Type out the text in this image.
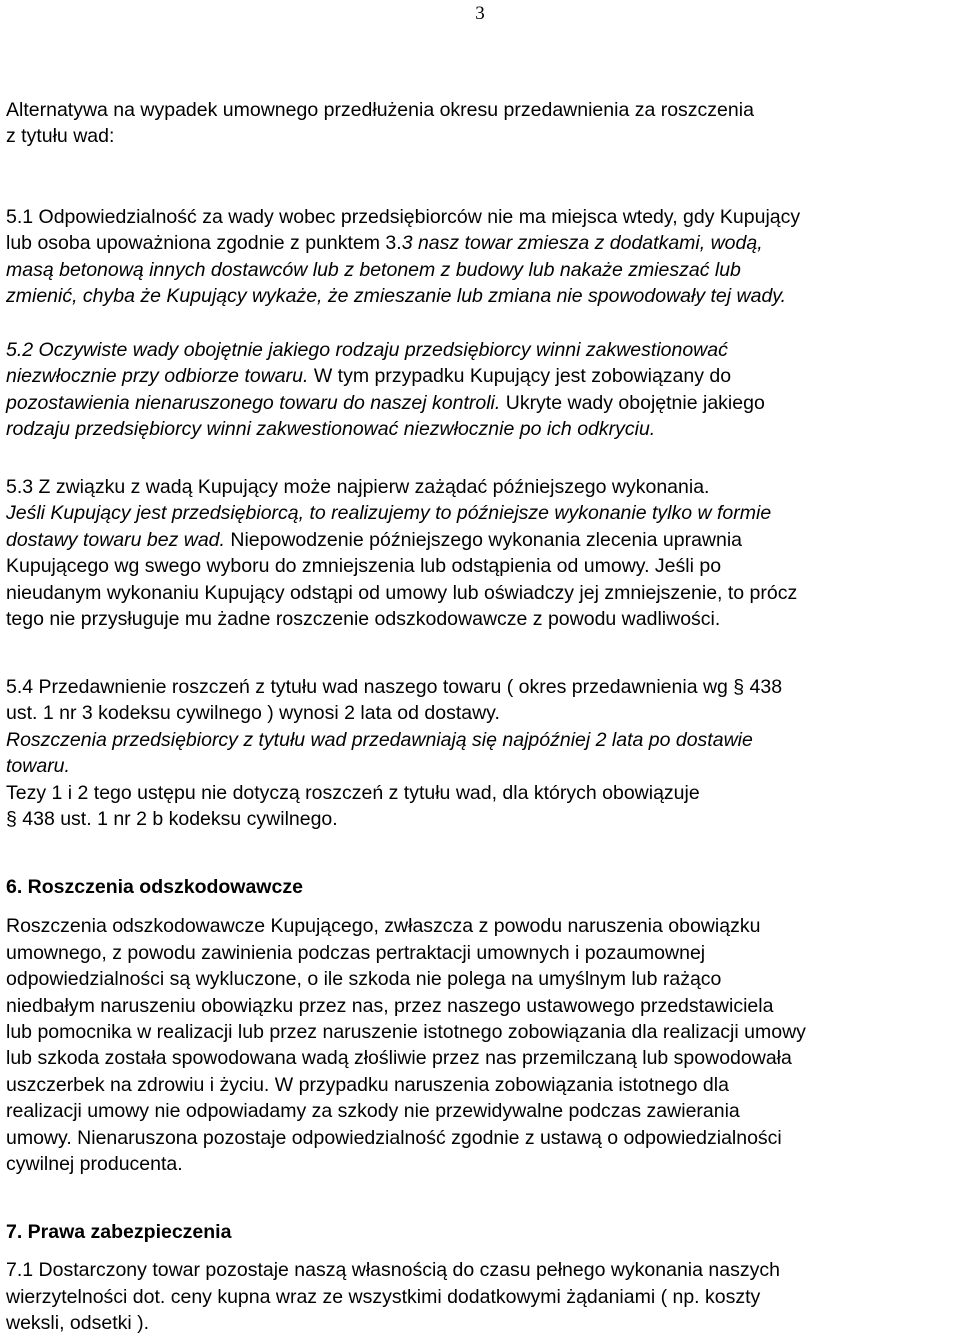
3
Alternatywa na wypadek umownego przedłużenia okresu przedawnienia za roszczenia
z tytułu wad:
5.1 Odpowiedzialność za wady wobec przedsiębiorców nie ma miejsca wtedy, gdy Kupujący
lub osoba upoważniona zgodnie z punktem 3.3 nasz towar zmiesza z dodatkami, wodą,
masą betonową innych dostawców lub z betonem z budowy lub nakaże zmieszać lub
zmienić, chyba że Kupujący wykaże, że zmieszanie lub zmiana nie spowodowały tej wady.
5.2 Oczywiste wady obojętnie jakiego rodzaju przedsiębiorcy winni zakwestionować
niezwłocznie przy odbiorze towaru. W tym przypadku Kupujący jest zobowiązany do
pozostawienia nienaruszonego towaru do naszej kontroli. Ukryte wady obojętnie jakiego
rodzaju przedsiębiorcy winni zakwestionować niezwłocznie po ich odkryciu.
5.3 Z związku z wadą Kupujący może najpierw zażądać późniejszego wykonania.
Jeśli Kupujący jest przedsiębiorcą, to realizujemy to późniejsze wykonanie tylko w formie
dostawy towaru bez wad. Niepowodzenie późniejszego wykonania zlecenia uprawnia
Kupującego wg swego wyboru do zmniejszenia lub odstąpienia od umowy. Jeśli po
nieudanym wykonaniu Kupujący odstąpi od umowy lub oświadczy jej zmniejszenie, to prócz
tego nie przysługuje mu żadne roszczenie odszkodowawcze z powodu wadliwości.
5.4 Przedawnienie roszczeń z tytułu wad naszego towaru ( okres przedawnienia wg § 438
ust. 1 nr 3 kodeksu cywilnego ) wynosi 2 lata od dostawy.
Roszczenia przedsiębiorcy z tytułu wad przedawniają się najpóźniej 2 lata po dostawie
towaru.
Tezy 1 i 2 tego ustępu nie dotyczą roszczeń z tytułu wad, dla których obowiązuje
§ 438 ust. 1 nr 2 b kodeksu cywilnego.
6. Roszczenia odszkodowawcze
Roszczenia odszkodowawcze Kupującego, zwłaszcza z powodu naruszenia obowiązku
umownego, z powodu zawinienia podczas pertraktacji umownych i pozaumownej
odpowiedzialności są wykluczone, o ile szkoda nie polega na umyślnym lub rażąco
niedbałym naruszeniu obowiązku przez nas, przez naszego ustawowego przedstawiciela
lub pomocnika w realizacji lub przez naruszenie istotnego zobowiązania dla realizacji umowy
lub szkoda została spowodowana wadą złośliwie przez nas przemilczaną lub spowodowała
uszczerbek na zdrowiu i życiu. W przypadku naruszenia zobowiązania istotnego dla
realizacji umowy nie odpowiadamy za szkody nie przewidywalne podczas zawierania
umowy. Nienaruszona pozostaje odpowiedzialność zgodnie z ustawą o odpowiedzialności
cywilnej producenta.
7. Prawa zabezpieczenia
7.1 Dostarczony towar pozostaje naszą własnością do czasu pełnego wykonania naszych
wierzytelności dot. ceny kupna wraz ze wszystkimi dodatkowymi żądaniami ( np. koszty
weksli, odsetki ).
